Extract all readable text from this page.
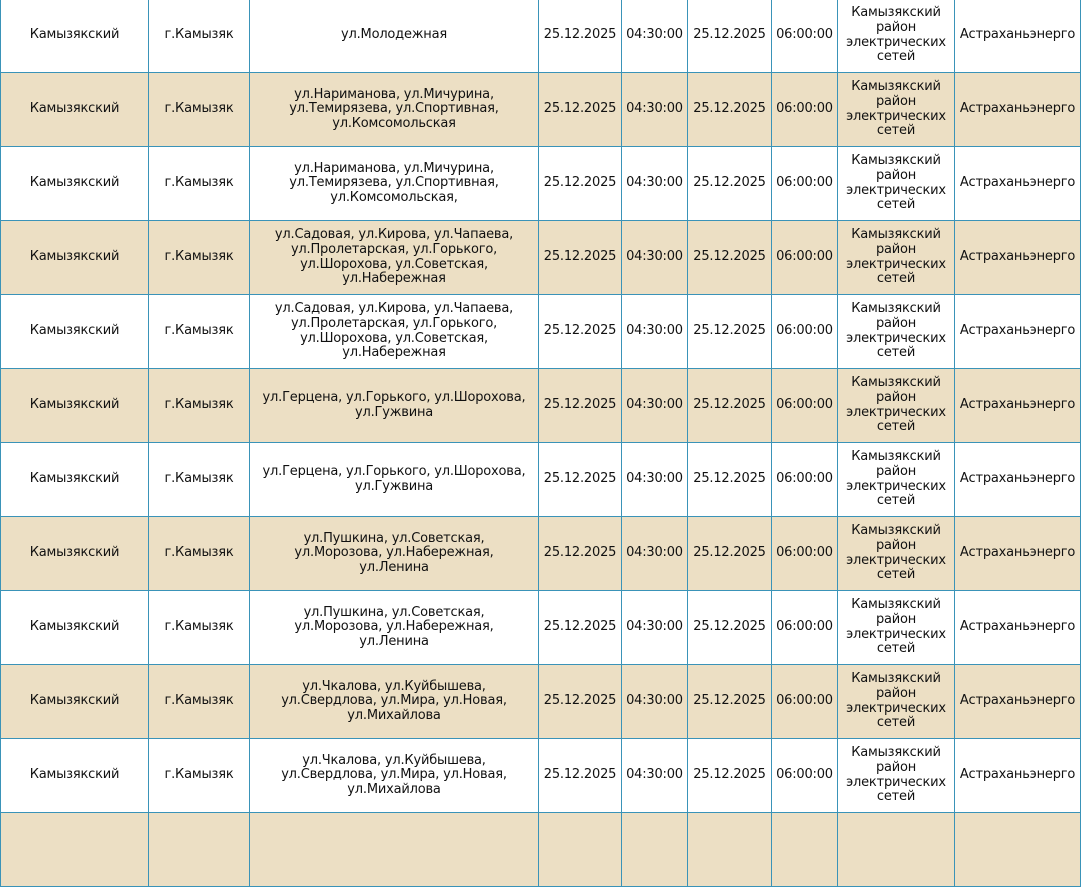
Камызякский	г.Камызяк	ул.Молодежная	25.12.2025	04:30:00	25.12.2025	06:00:00	Камызякский район электрических сетей	Астраханьэнерго
Камызякский	г.Камызяк	ул.Нариманова, ул.Мичурина, ул.Темирязева, ул.Спортивная, ул.Комсомольская	25.12.2025	04:30:00	25.12.2025	06:00:00	Камызякский район электрических сетей	Астраханьэнерго
Камызякский	г.Камызяк	ул.Нариманова, ул.Мичурина, ул.Темирязева, ул.Спортивная, ул.Комсомольская,	25.12.2025	04:30:00	25.12.2025	06:00:00	Камызякский район электрических сетей	Астраханьэнерго
Камызякский	г.Камызяк	ул.Садовая, ул.Кирова, ул.Чапаева, ул.Пролетарская, ул.Горького, ул.Шорохова, ул.Советская, ул.Набережная	25.12.2025	04:30:00	25.12.2025	06:00:00	Камызякский район электрических сетей	Астраханьэнерго
Камызякский	г.Камызяк	ул.Садовая, ул.Кирова, ул.Чапаева, ул.Пролетарская, ул.Горького, ул.Шорохова, ул.Советская, ул.Набережная	25.12.2025	04:30:00	25.12.2025	06:00:00	Камызякский район электрических сетей	Астраханьэнерго
Камызякский	г.Камызяк	ул.Герцена, ул.Горького, ул.Шорохова, ул.Гужвина	25.12.2025	04:30:00	25.12.2025	06:00:00	Камызякский район электрических сетей	Астраханьэнерго
Камызякский	г.Камызяк	ул.Герцена, ул.Горького, ул.Шорохова, ул.Гужвина	25.12.2025	04:30:00	25.12.2025	06:00:00	Камызякский район электрических сетей	Астраханьэнерго
Камызякский	г.Камызяк	ул.Пушкина, ул.Советская, ул.Морозова, ул.Набережная, ул.Ленина	25.12.2025	04:30:00	25.12.2025	06:00:00	Камызякский район электрических сетей	Астраханьэнерго
Камызякский	г.Камызяк	ул.Пушкина, ул.Советская, ул.Морозова, ул.Набережная, ул.Ленина	25.12.2025	04:30:00	25.12.2025	06:00:00	Камызякский район электрических сетей	Астраханьэнерго
Камызякский	г.Камызяк	ул.Чкалова, ул.Куйбышева, ул.Свердлова, ул.Мира, ул.Новая, ул.Михайлова	25.12.2025	04:30:00	25.12.2025	06:00:00	Камызякский район электрических сетей	Астраханьэнерго
Камызякский	г.Камызяк	ул.Чкалова, ул.Куйбышева, ул.Свердлова, ул.Мира, ул.Новая, ул.Михайлова	25.12.2025	04:30:00	25.12.2025	06:00:00	Камызякский район электрических сетей	Астраханьэнерго
